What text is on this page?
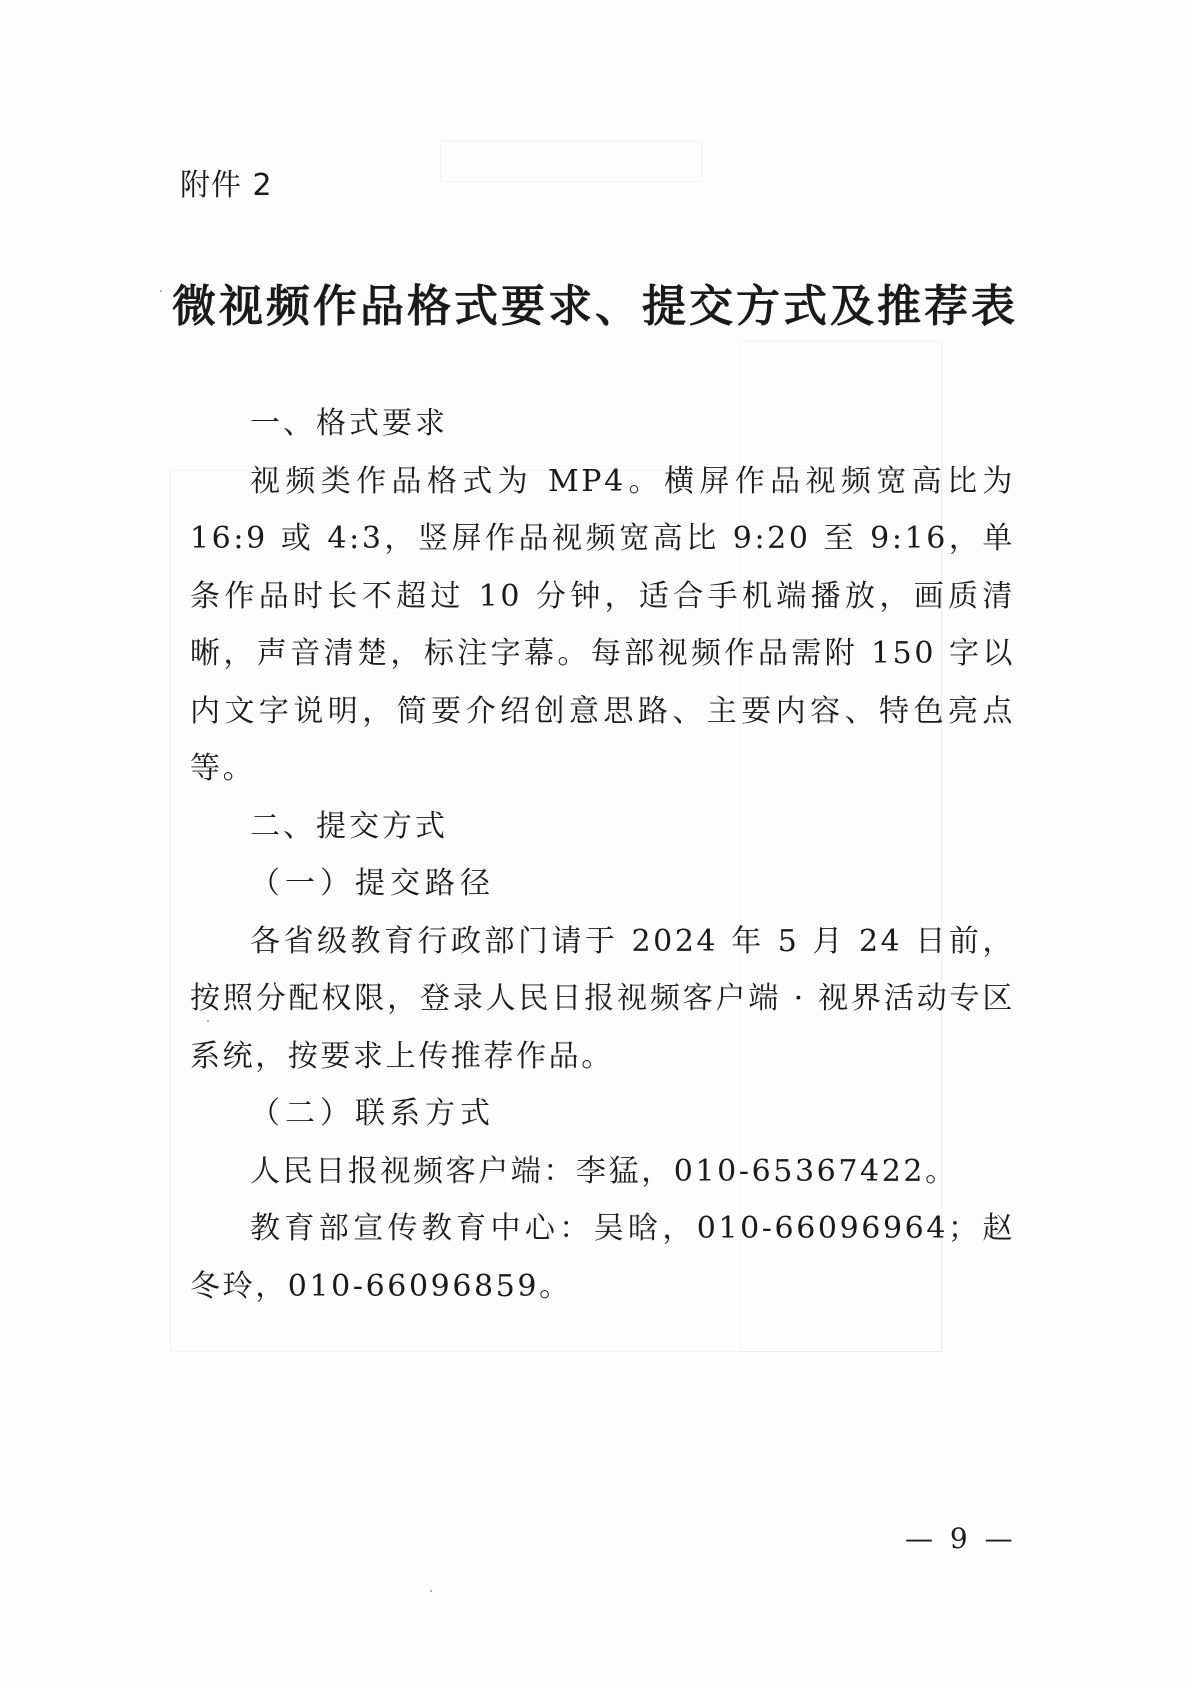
附件 2
微视频作品格式要求、提交方式及推荐表

一、格式要求

视频类作品格式为 MP4。横屏作品视频宽高比为 16:9 或 4:3，竖屏作品视频宽高比 9:20 至 9:16，单条作品时长不超过 10 分钟，适合手机端播放，画质清晰，声音清楚，标注字幕。每部视频作品需附 150 字以内文字说明，简要介绍创意思路、主要内容、特色亮点等。

二、提交方式

（一）提交路径

各省级教育行政部门请于 2024 年 5 月 24 日前，按照分配权限，登录人民日报视频客户端 · 视界活动专区系统，按要求上传推荐作品。

（二）联系方式

人民日报视频客户端：李猛，010-65367422。

教育部宣传教育中心：吴晗，010-66096964；赵冬玲，010-66096859。

— 9 —
